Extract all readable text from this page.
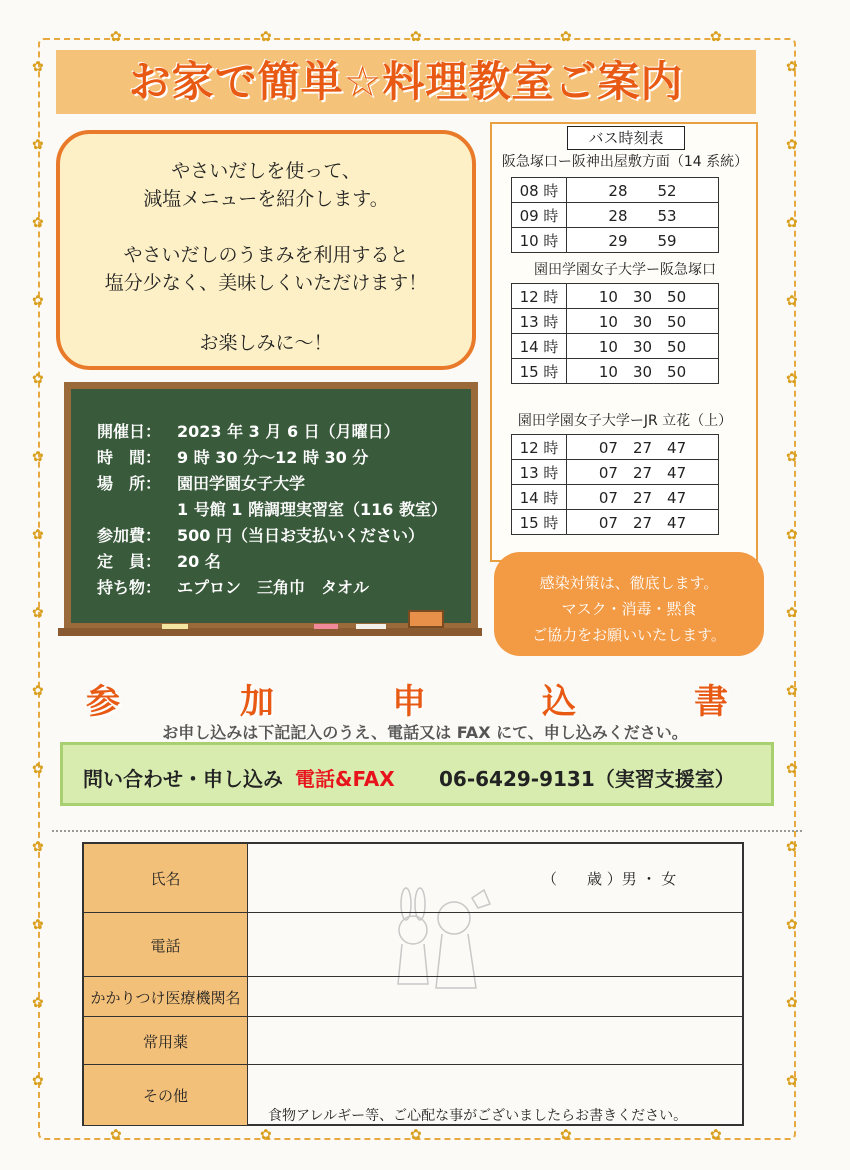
✿	✿
✿	✿
✿	✿
✿	✿
✿	✿
✿	✿
✿	✿
✿	✿
✿	✿
✿	✿
✿	✿
✿	✿
✿	✿
✿	✿
✿
✿
✿
✿
✿
✿
✿
✿
✿
✿
お家で簡単☆料理教室ご案内
やさいだしを使って、
減塩メニューを紹介します。
やさいだしのうまみを利用すると
塩分少なく、美味しくいただけます！
お楽しみに～！
開催日： 2023 年 3 月 6 日（月曜日）
時　間： 9 時 30 分～12 時 30 分
場　所： 園田学園女子大学
1 号館 1 階調理実習室（116 教室）
参加費： 500 円（当日お支払いください）
定　員： 20 名
持ち物： エプロン　三角巾　タオル
バス時刻表
阪急塚口ー阪神出屋敷方面（14 系統）
08 時	28　　52
09 時	28　　53
10 時	29　　59
園田学園女子大学ー阪急塚口
12 時	10　30　50
13 時	10　30　50
14 時	10　30　50
15 時	10　30　50
園田学園女子大学ーJR 立花（上）
12 時	07　27　47
13 時	07　27　47
14 時	07　27　47
15 時	07　27　47
感染対策は、徹底します。
マスク・消毒・黙食
ご協力をお願いいたします。
参	加	申	込	書
お申し込みは下記記入のうえ、電話又は FAX にて、申し込みください。
問い合わせ・申し込み 電話&FAX 06-6429-9131（実習支援室）
氏名	（　　歳 ）男 ・ 女
電話
かかりつけ医療機関名
常用薬
その他
食物アレルギー等、ご心配な事がございましたらお書きください。
